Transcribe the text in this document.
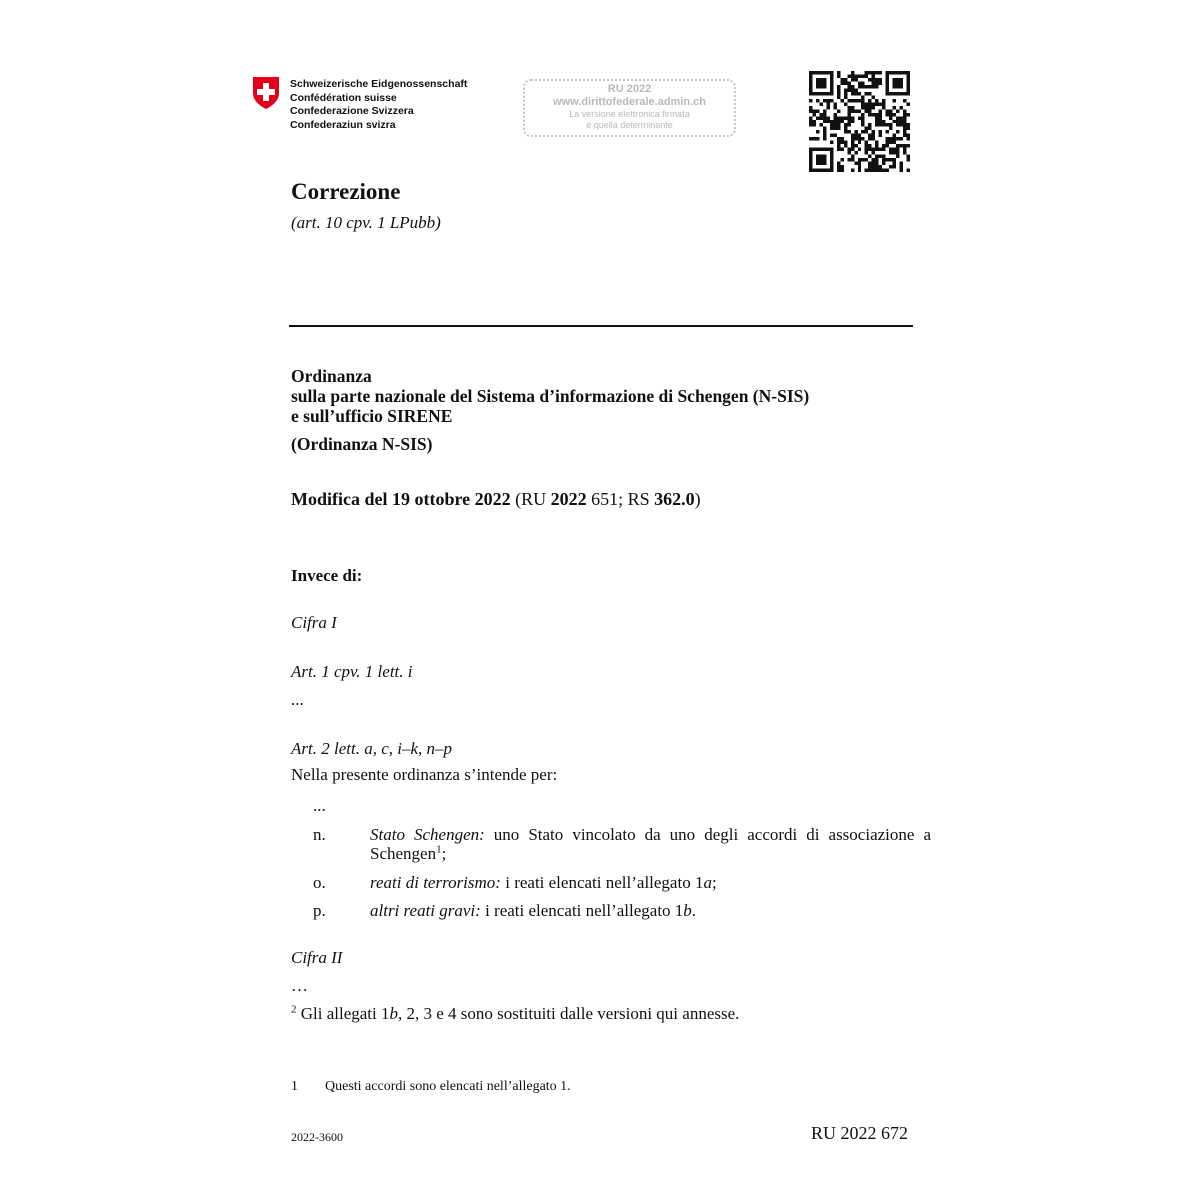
Schweizerische Eidgenossenschaft
Confédération suisse
Confederazione Svizzera
Confederaziun svizra
RU 2022
www.dirittofederale.admin.ch
La versione elettronica firmata
è quella determinante
Correzione
(art. 10 cpv. 1 LPubb)
Ordinanza
sulla parte nazionale del Sistema d’informazione di Schengen (N-SIS)
e sull’ufficio SIRENE
(Ordinanza N-SIS)
Modifica del 19 ottobre 2022 (RU 2022 651; RS 362.0)
Invece di:
Cifra I
Art. 1 cpv. 1 lett. i
...
Art. 2 lett. a, c, i–k, n–p
Nella presente ordinanza s’intende per:
...
n.	Stato Schengen: uno Stato vincolato da uno degli accordi di associazione a Schengen$^1$;
o.	reati di terrorismo: i reati elencati nell’allegato 1a;
p.	altri reati gravi: i reati elencati nell’allegato 1b.
Cifra II
…
$^2$ Gli allegati 1b, 2, 3 e 4 sono sostituiti dalle versioni qui annesse.
1 Questi accordi sono elencati nell’allegato 1.
2022-3600	RU 2022 672
